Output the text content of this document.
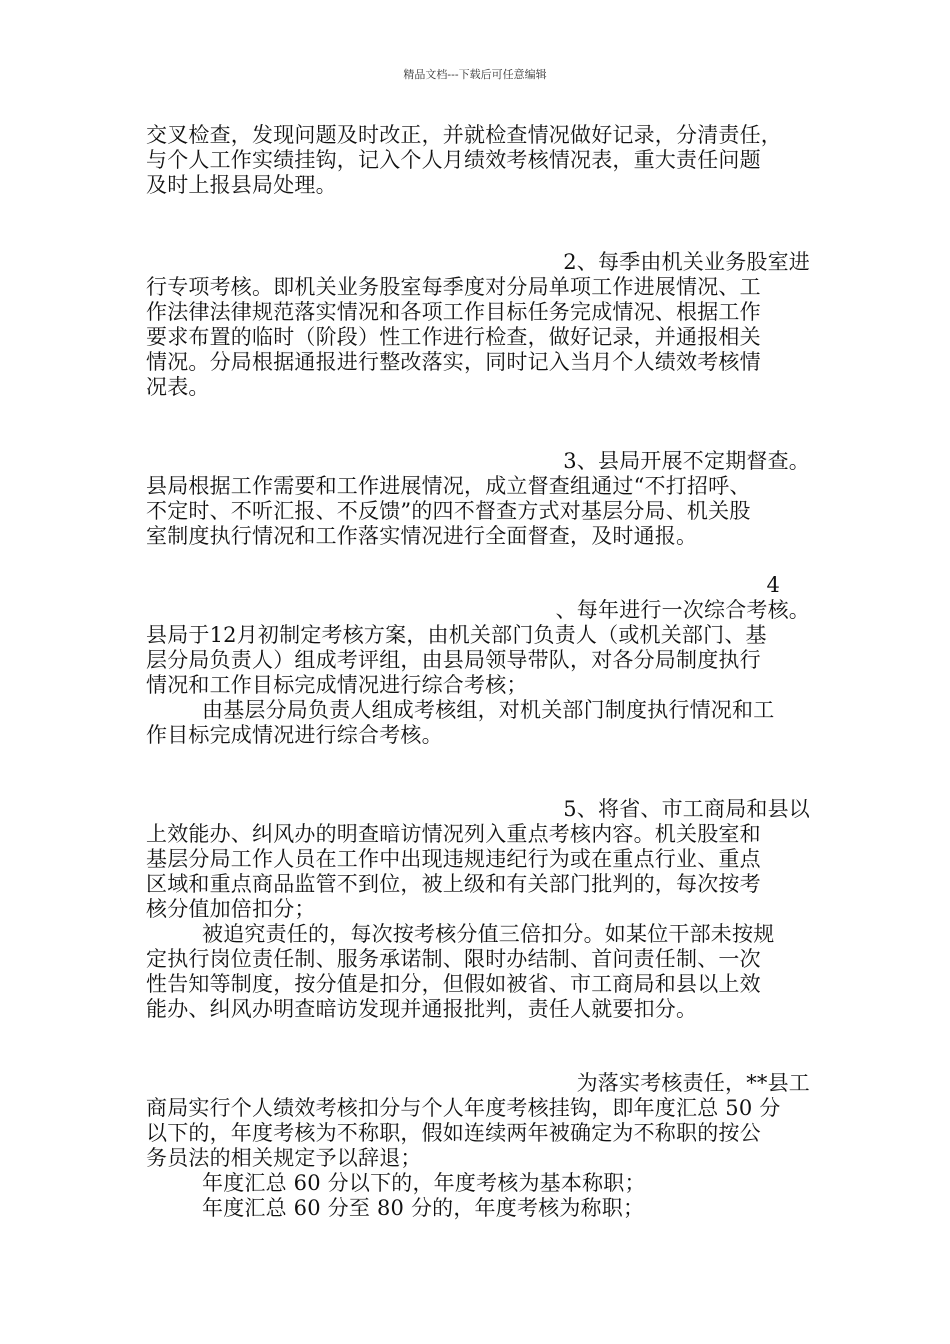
精品文档---下载后可任意编辑
交叉检查，发现问题及时改正，并就检查情况做好记录，分清责任，
与个人工作实绩挂钩，记入个人月绩效考核情况表，重大责任问题
及时上报县局处理。
2、每季由机关业务股室进
行专项考核。即机关业务股室每季度对分局单项工作进展情况、工
作法律法律规范落实情况和各项工作目标任务完成情况、根据工作
要求布置的临时（阶段）性工作进行检查，做好记录，并通报相关
情况。分局根据通报进行整改落实，同时记入当月个人绩效考核情
况表。
3、县局开展不定期督查。
县局根据工作需要和工作进展情况，成立督查组通过“不打招呼、
不定时、不听汇报、不反馈”的四不督查方式对基层分局、机关股
室制度执行情况和工作落实情况进行全面督查，及时通报。
4
、每年进行一次综合考核。
县局于12月初制定考核方案，由机关部门负责人（或机关部门、基
层分局负责人）组成考评组，由县局领导带队，对各分局制度执行
情况和工作目标完成情况进行综合考核；
由基层分局负责人组成考核组，对机关部门制度执行情况和工
作目标完成情况进行综合考核。
5、将省、市工商局和县以
上效能办、纠风办的明查暗访情况列入重点考核内容。机关股室和
基层分局工作人员在工作中出现违规违纪行为或在重点行业、重点
区域和重点商品监管不到位，被上级和有关部门批判的，每次按考
核分值加倍扣分；
被追究责任的，每次按考核分值三倍扣分。如某位干部未按规
定执行岗位责任制、服务承诺制、限时办结制、首问责任制、一次
性告知等制度，按分值是扣分，但假如被省、市工商局和县以上效
能办、纠风办明查暗访发现并通报批判，责任人就要扣分。
为落实考核责任，**县工
商局实行个人绩效考核扣分与个人年度考核挂钩，即年度汇总 50 分
以下的，年度考核为不称职，假如连续两年被确定为不称职的按公
务员法的相关规定予以辞退；
年度汇总 60 分以下的，年度考核为基本称职；
年度汇总 60 分至 80 分的，年度考核为称职；
